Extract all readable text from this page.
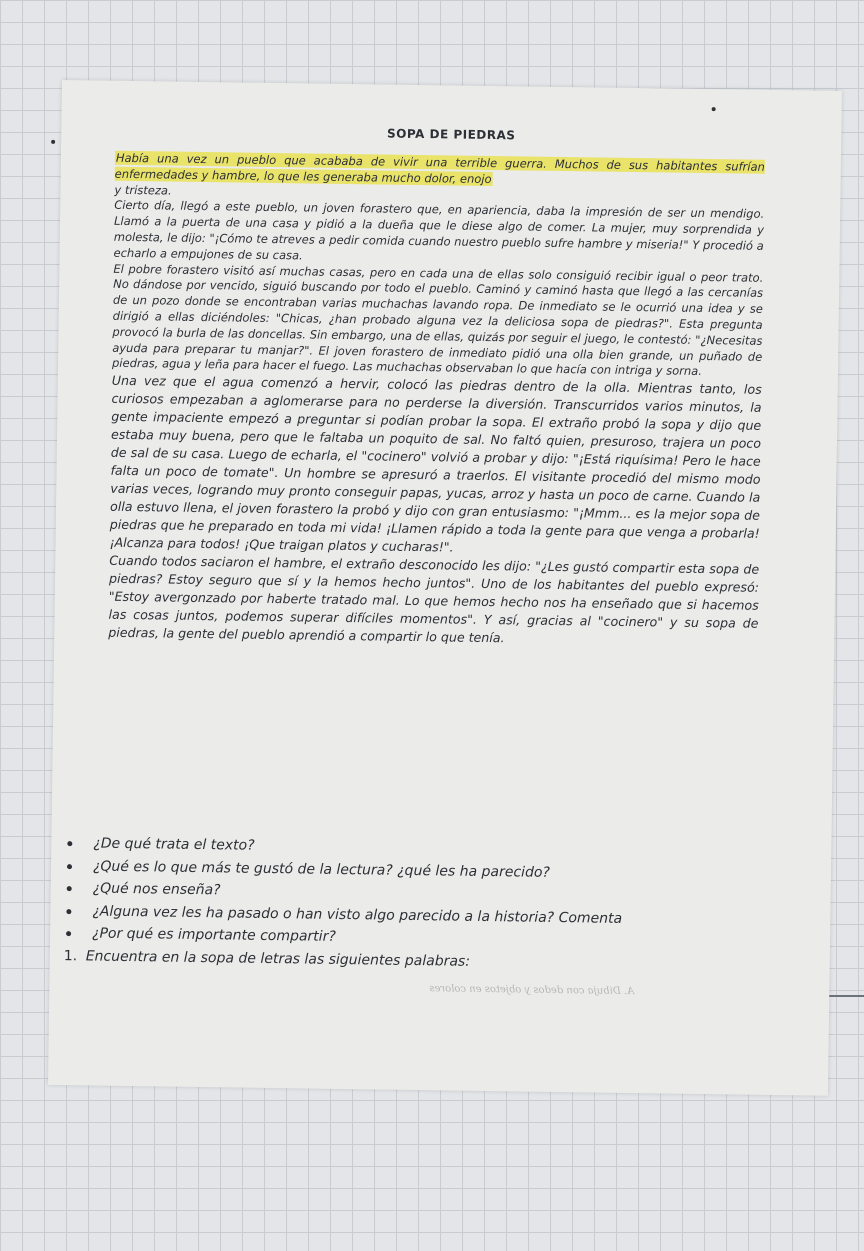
SOPA DE PIEDRAS

Había una vez un pueblo que acababa de vivir una terrible guerra. Muchos de sus habitantes sufrían enfermedades y hambre, lo que les generaba mucho dolor, enojo
y tristeza.

Cierto día, llegó a este pueblo, un joven forastero que, en apariencia, daba la impresión de ser un mendigo. Llamó a la puerta de una casa y pidió a la dueña que le diese algo de comer. La mujer, muy sorprendida y molesta, le dijo: "¡Cómo te atreves a pedir comida cuando nuestro pueblo sufre hambre y miseria!" Y procedió a echarlo a empujones de su casa.

El pobre forastero visitó así muchas casas, pero en cada una de ellas solo consiguió recibir igual o peor trato. No dándose por vencido, siguió buscando por todo el pueblo. Caminó y caminó hasta que llegó a las cercanías de un pozo donde se encontraban varias muchachas lavando ropa. De inmediato se le ocurrió una idea y se dirigió a ellas diciéndoles: "Chicas, ¿han probado alguna vez la deliciosa sopa de piedras?". Esta pregunta provocó la burla de las doncellas. Sin embargo, una de ellas, quizás por seguir el juego, le contestó: "¿Necesitas ayuda para preparar tu manjar?". El joven forastero de inmediato pidió una olla bien grande, un puñado de piedras, agua y leña para hacer el fuego. Las muchachas observaban lo que hacía con intriga y sorna.

Una vez que el agua comenzó a hervir, colocó las piedras dentro de la olla. Mientras tanto, los curiosos empezaban a aglomerarse para no perderse la diversión. Transcurridos varios minutos, la gente impaciente empezó a preguntar si podían probar la sopa. El extraño probó la sopa y dijo que estaba muy buena, pero que le faltaba un poquito de sal. No faltó quien, presuroso, trajera un poco de sal de su casa. Luego de echarla, el "cocinero" volvió a probar y dijo: "¡Está riquísima! Pero le hace falta un poco de tomate". Un hombre se apresuró a traerlos. El visitante procedió del mismo modo varias veces, logrando muy pronto conseguir papas, yucas, arroz y hasta un poco de carne. Cuando la olla estuvo llena, el joven forastero la probó y dijo con gran entusiasmo: "¡Mmm... es la mejor sopa de piedras que he preparado en toda mi vida! ¡Llamen rápido a toda la gente para que venga a probarla! ¡Alcanza para todos! ¡Que traigan platos y cucharas!".

Cuando todos saciaron el hambre, el extraño desconocido les dijo: "¿Les gustó compartir esta sopa de piedras? Estoy seguro que sí y la hemos hecho juntos". Uno de los habitantes del pueblo expresó: "Estoy avergonzado por haberte tratado mal. Lo que hemos hecho nos ha enseñado que si hacemos las cosas juntos, podemos superar difíciles momentos". Y así, gracias al "cocinero" y su sopa de piedras, la gente del pueblo aprendió a compartir lo que tenía.

¿De qué trata el texto?
¿Qué es lo que más te gustó de la lectura? ¿qué les ha parecido?
¿Qué nos enseña?
¿Alguna vez les ha pasado o han visto algo parecido a la historia? Comenta
¿Por qué es importante compartir?
1. Encuentra en la sopa de letras las siguientes palabras:
A. Dibuja con dedos y objetos en colores
